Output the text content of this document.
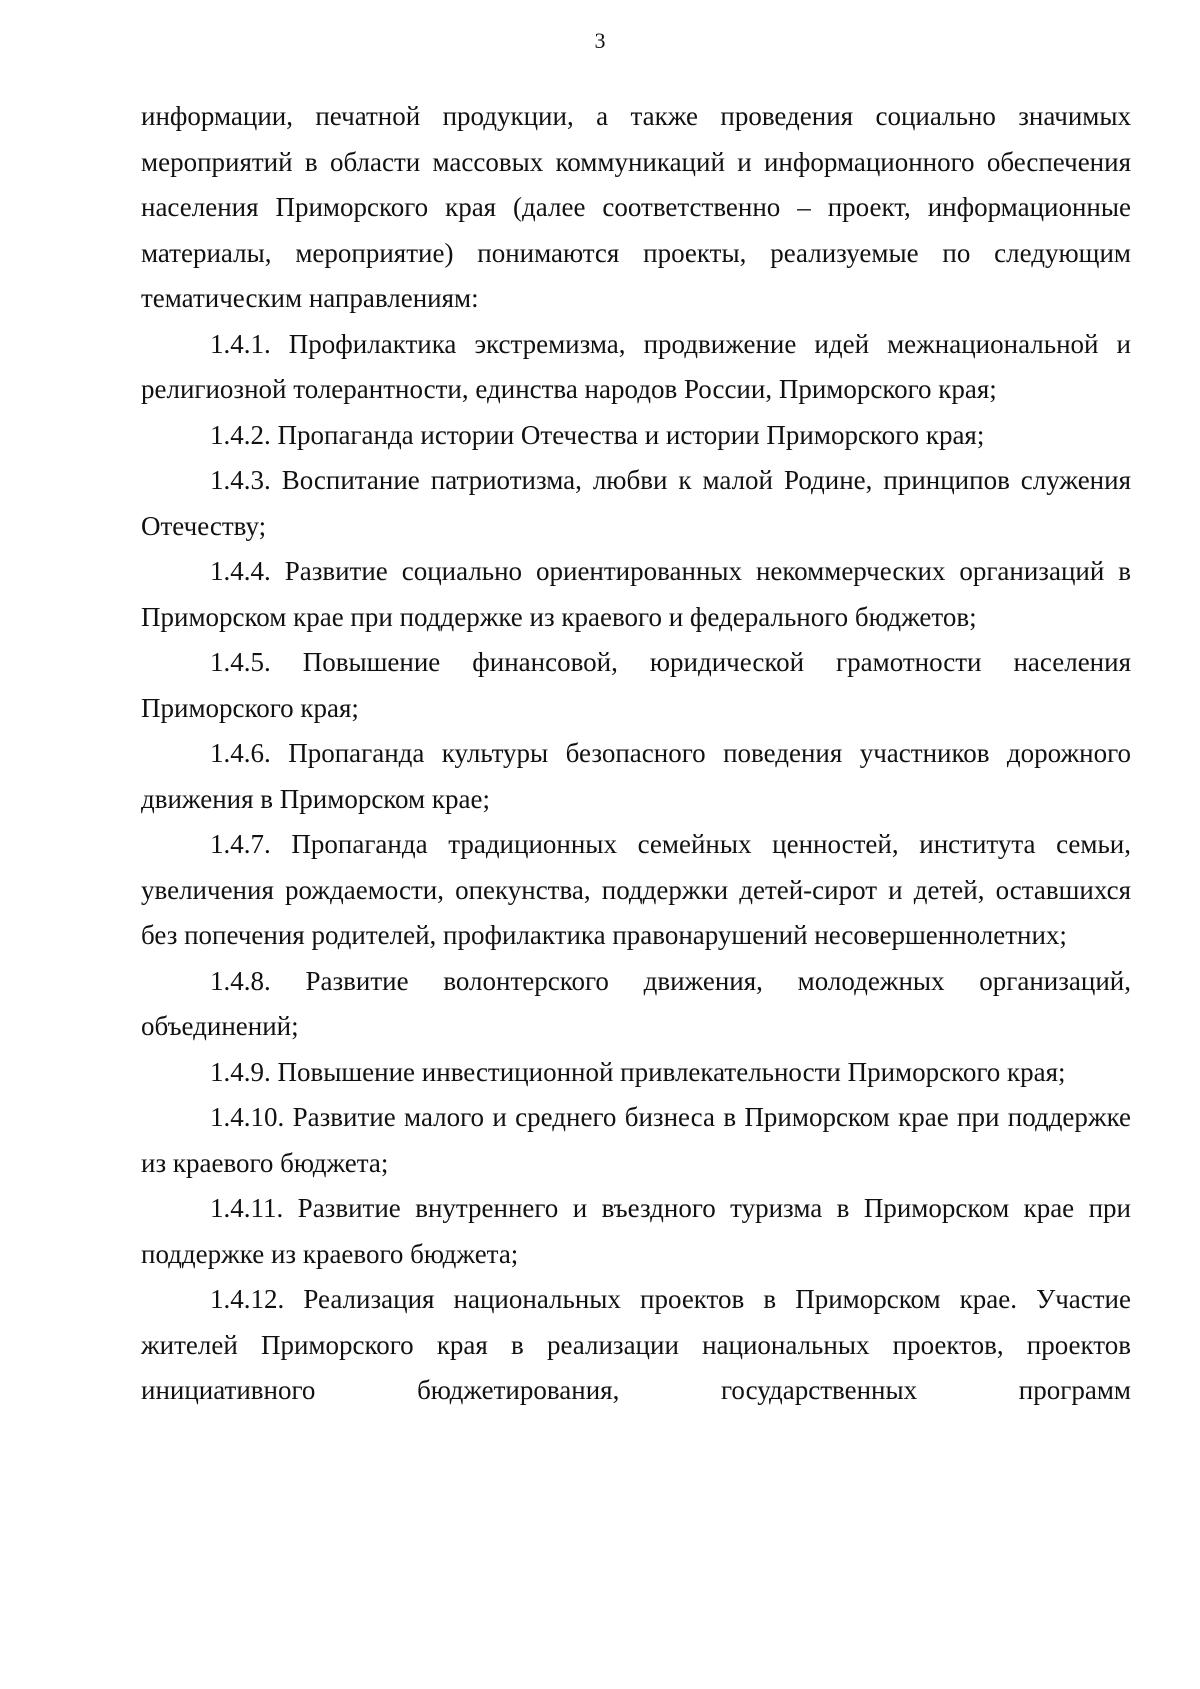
3

информации, печатной продукции, а также проведения социально значимых мероприятий в области массовых коммуникаций и информационного обеспечения населения Приморского края (далее соответственно – проект, информационные материалы, мероприятие) понимаются проекты, реализуемые по следующим тематическим направлениям:

1.4.1. Профилактика экстремизма, продвижение идей межнациональной и религиозной толерантности, единства народов России, Приморского края;

1.4.2. Пропаганда истории Отечества и истории Приморского края;

1.4.3. Воспитание патриотизма, любви к малой Родине, принципов служения Отечеству;

1.4.4. Развитие социально ориентированных некоммерческих организаций в Приморском крае при поддержке из краевого и федерального бюджетов;

1.4.5. Повышение финансовой, юридической грамотности населения Приморского края;

1.4.6. Пропаганда культуры безопасного поведения участников дорожного движения в Приморском крае;

1.4.7. Пропаганда традиционных семейных ценностей, института семьи, увеличения рождаемости, опекунства, поддержки детей-сирот и детей, оставшихся без попечения родителей, профилактика правонарушений несовершеннолетних;

1.4.8. Развитие волонтерского движения, молодежных организаций, объединений;

1.4.9. Повышение инвестиционной привлекательности Приморского края;

1.4.10. Развитие малого и среднего бизнеса в Приморском крае при поддержке из краевого бюджета;

1.4.11. Развитие внутреннего и въездного туризма в Приморском крае при поддержке из краевого бюджета;

1.4.12. Реализация национальных проектов в Приморском крае. Участие жителей Приморского края в реализации национальных проектов, проектов инициативного бюджетирования, государственных программ
